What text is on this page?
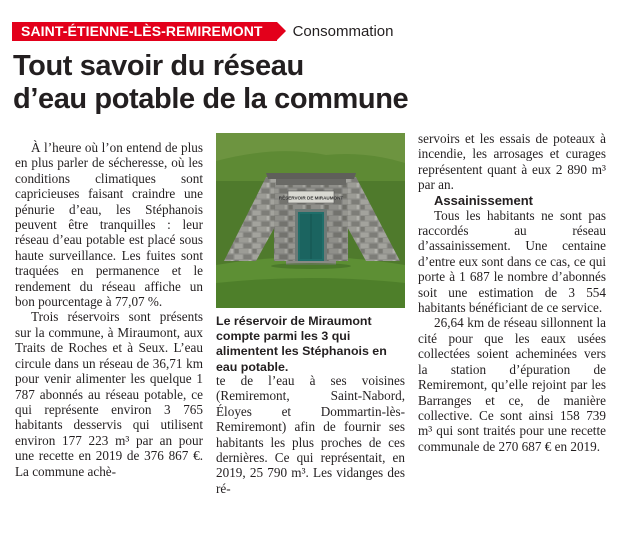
SAINT-ÉTIENNE-LÈS-REMIREMONT	Consommation
Tout savoir du réseau
d’eau potable de la commune

À l’heure où l’on entend de plus en plus parler de sécheresse, où les conditions climatiques sont capricieuses faisant craindre une pénurie d’eau, les Stéphanois peuvent être tranquilles : leur réseau d’eau potable est placé sous haute surveillance. Les fuites sont traquées en permanence et le rendement du réseau affiche un bon pourcentage à 77,07 %.

Trois réservoirs sont présents sur la commune, à Miraumont, aux Traits de Roches et à Seux. L’eau circule dans un réseau de 36,71 km pour venir alimenter les quelque 1 787 abonnés au réseau potable, ce qui représente environ 3 765 habitants desservis qui utilisent environ 177 223 m³ par an pour une recette en 2019 de 376 867 €. La commune achè-

RÉSERVOIR DE MIRAUMONT

Le réservoir de Miraumont compte parmi les 3 qui alimentent les Stéphanois en eau potable.

te de l’eau à ses voisines (Remiremont, Saint-Nabord, Éloyes et Dommartin-lès-Remiremont) afin de fournir ses habitants les plus proches de ces dernières. Ce qui représentait, en 2019, 25 790 m³. Les vidanges des ré-

servoirs et les essais de poteaux à incendie, les arrosages et curages représentent quant à eux 2 890 m³ par an.

Assainissement

Tous les habitants ne sont pas raccordés au réseau d’assainissement. Une centaine d’entre eux sont dans ce cas, ce qui porte à 1 687 le nombre d’abonnés soit une estimation de 3 554 habitants bénéficiant de ce service.

26,64 km de réseau sillonnent la cité pour que les eaux usées collectées soient acheminées vers la station d’épuration de Remiremont, qu’elle rejoint par les Barranges et ce, de manière collective. Ce sont ainsi 158 739 m³ qui sont traités pour une recette communale de 270 687 € en 2019.
